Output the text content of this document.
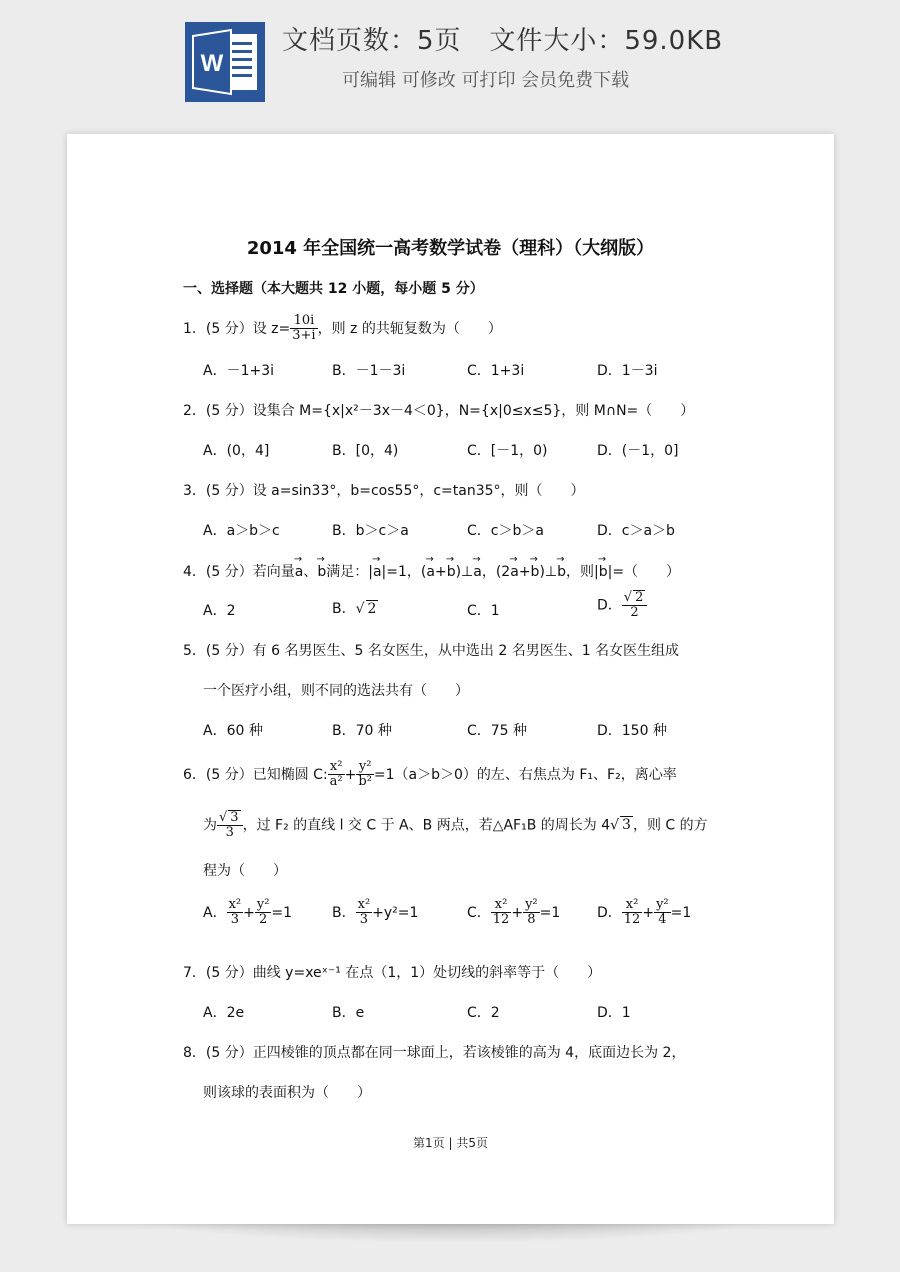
W
文档页数：5页   文件大小：59.0KB
可编辑 可修改 可打印 会员免费下载
2014 年全国统一高考数学试卷（理科）（大纲版）
一、选择题（本大题共 12 小题，每小题 5 分）
1．(5 分）设 $z= \frac{10i}{3+i}$ ，则 z 的共轭复数为（　　）
A．－1+3i	B．－1－3i	C．1+3i	D．1－3i
2．(5 分）设集合 M={x|x²－3x－4＜0}，N={x|0≤x≤5}，则 M∩N=（　　）
A．(0，4]	B．[0，4)	C．[－1，0)	D．(－1，0]
3．(5 分）设 a=sin33°，b=cos55°，c=tan35°，则（　　）
A．a＞b＞c	B．b＞c＞a	C．c＞b＞a	D．c＞a＞b
4．(5 分）若向量→ a、→ b满足：|→ a|=1，(→ a+→ b)⊥→ a，(2→ a+→ b)⊥→ b，则|→ b|=（　　）
A．2	B．√ 2	C．1	D． $\frac{√ 2}{2}$
5．(5 分）有 6 名男医生、5 名女医生，从中选出 2 名男医生、1 名女医生组成
一个医疗小组，则不同的选法共有（　　）
A．60 种	B．70 种	C．75 种	D．150 种
6．(5 分）已知椭圆 C: $\frac{\text{x²}}{\text{a²}} + \frac{\text{y²}}{\text{b²}} =1(a>b>0)$的左、右焦点为 F₁、F₂，离心率
为 $\frac{√ 3}{3}$ ，过 F₂ 的直线 l 交 C 于 A、B 两点，若△AF₁B 的周长为 4√ 3 ，则 C 的方
程为（　　）
A． $\frac{\text{x²}}{3} + \frac{\text{y²}}{2} =1$	B． $\frac{\text{x²}}{3} +y^2=1$	C． $\frac{\text{x²}}{12} + \frac{\text{y²}}{8} =1$	D． $\frac{\text{x²}}{12} + \frac{\text{y²}}{4} =1$
7．(5 分）曲线 y=xeˣ⁻¹ 在点（1，1）处切线的斜率等于（　　）
A．2e	B．e	C．2	D．1
8．(5 分）正四棱锥的顶点都在同一球面上，若该棱锥的高为 4，底面边长为 2，
则该球的表面积为（　　）
第1页 | 共5页
